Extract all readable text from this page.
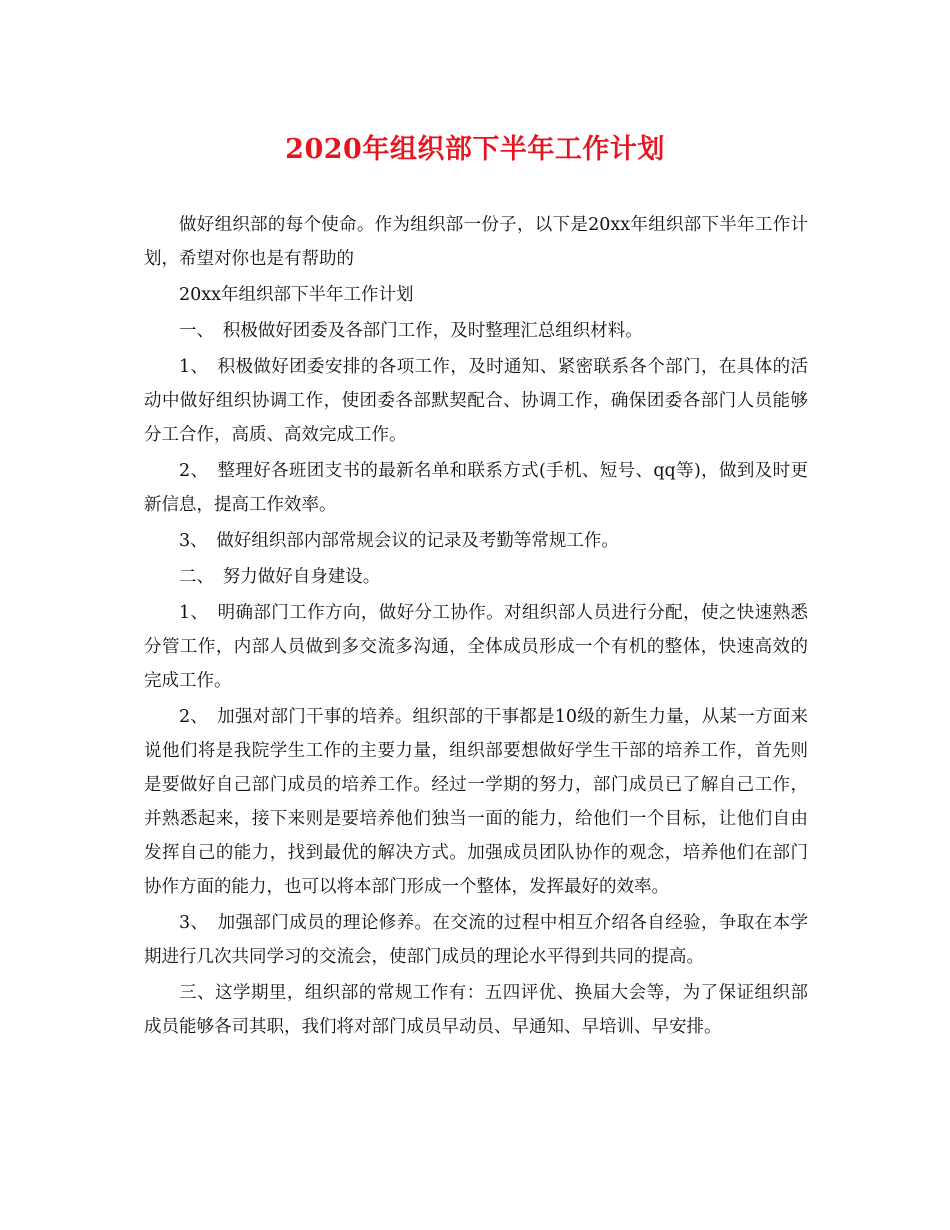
2020年组织部下半年工作计划

做好组织部的每个使命。作为组织部一份子，以下是20xx年组织部下半年工作计划，希望对你也是有帮助的

20xx年组织部下半年工作计划

一、　积极做好团委及各部门工作，及时整理汇总组织材料。

1、　积极做好团委安排的各项工作，及时通知、紧密联系各个部门，在具体的活动中做好组织协调工作，使团委各部默契配合、协调工作，确保团委各部门人员能够分工合作，高质、高效完成工作。

2、　整理好各班团支书的最新名单和联系方式(手机、短号、qq等)，做到及时更新信息，提高工作效率。

3、　做好组织部内部常规会议的记录及考勤等常规工作。

二、　努力做好自身建设。

1、　明确部门工作方向，做好分工协作。对组织部人员进行分配，使之快速熟悉分管工作，内部人员做到多交流多沟通，全体成员形成一个有机的整体，快速高效的完成工作。

2、　加强对部门干事的培养。组织部的干事都是10级的新生力量，从某一方面来说他们将是我院学生工作的主要力量，组织部要想做好学生干部的培养工作，首先则是要做好自己部门成员的培养工作。经过一学期的努力，部门成员已了解自己工作，并熟悉起来，接下来则是要培养他们独当一面的能力，给他们一个目标，让他们自由发挥自己的能力，找到最优的解决方式。加强成员团队协作的观念，培养他们在部门协作方面的能力，也可以将本部门形成一个整体，发挥最好的效率。

3、　加强部门成员的理论修养。在交流的过程中相互介绍各自经验，争取在本学期进行几次共同学习的交流会，使部门成员的理论水平得到共同的提高。

三、这学期里，组织部的常规工作有：五四评优、换届大会等，为了保证组织部成员能够各司其职，我们将对部门成员早动员、早通知、早培训、早安排。
